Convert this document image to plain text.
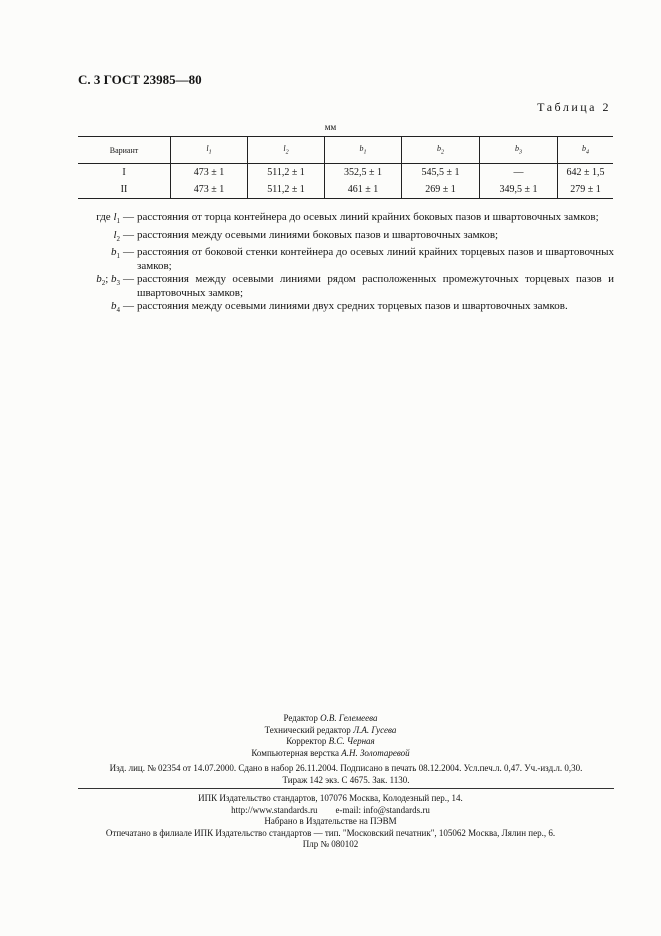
С. 3 ГОСТ 23985—80
Таблица 2
мм
Вариант	$l_1$	$l_2$	$b_1$	$b_2$	$b_3$	$b_4$
I	473 ± 1	511,2 ± 1	352,5 ± 1	545,5 ± 1	—	642 ± 1,5
II	473 ± 1	511,2 ± 1	461 ± 1	269 ± 1	349,5 ± 1	279 ± 1
где $l_1$ — расстояния от торца контейнера до осевых линий крайних боковых пазов и швартовочных замков;
$l_2$ — расстояния между осевыми линиями боковых пазов и швартовочных замков;
$b_1$ — расстояния от боковой стенки контейнера до осевых линий крайних торцевых пазов и швартовочных замков;
$b_2$; $b_3$ — расстояния между осевыми линиями рядом расположенных промежуточных торцевых пазов и швартовочных замков;
$b_4$ — расстояния между осевыми линиями двух средних торцевых пазов и швартовочных замков.
Редактор О.В. Гелемеева
Технический редактор Л.А. Гусева
Корректор В.С. Черная
Компьютерная верстка А.Н. Золотаревой
Изд. лиц. № 02354 от 14.07.2000. Сдано в набор 26.11.2004. Подписано в печать 08.12.2004. Усл.печ.л. 0,47. Уч.-изд.л. 0,30.
Тираж 142 экз. С 4675. Зак. 1130.
ИПК Издательство стандартов, 107076 Москва, Колодезный пер., 14.
http://www.standards.ru        e-mail: info@standards.ru
Набрано в Издательстве на ПЭВМ
Отпечатано в филиале ИПК Издательство стандартов — тип. "Московский печатник", 105062 Москва, Лялин пер., 6.
Плр № 080102
